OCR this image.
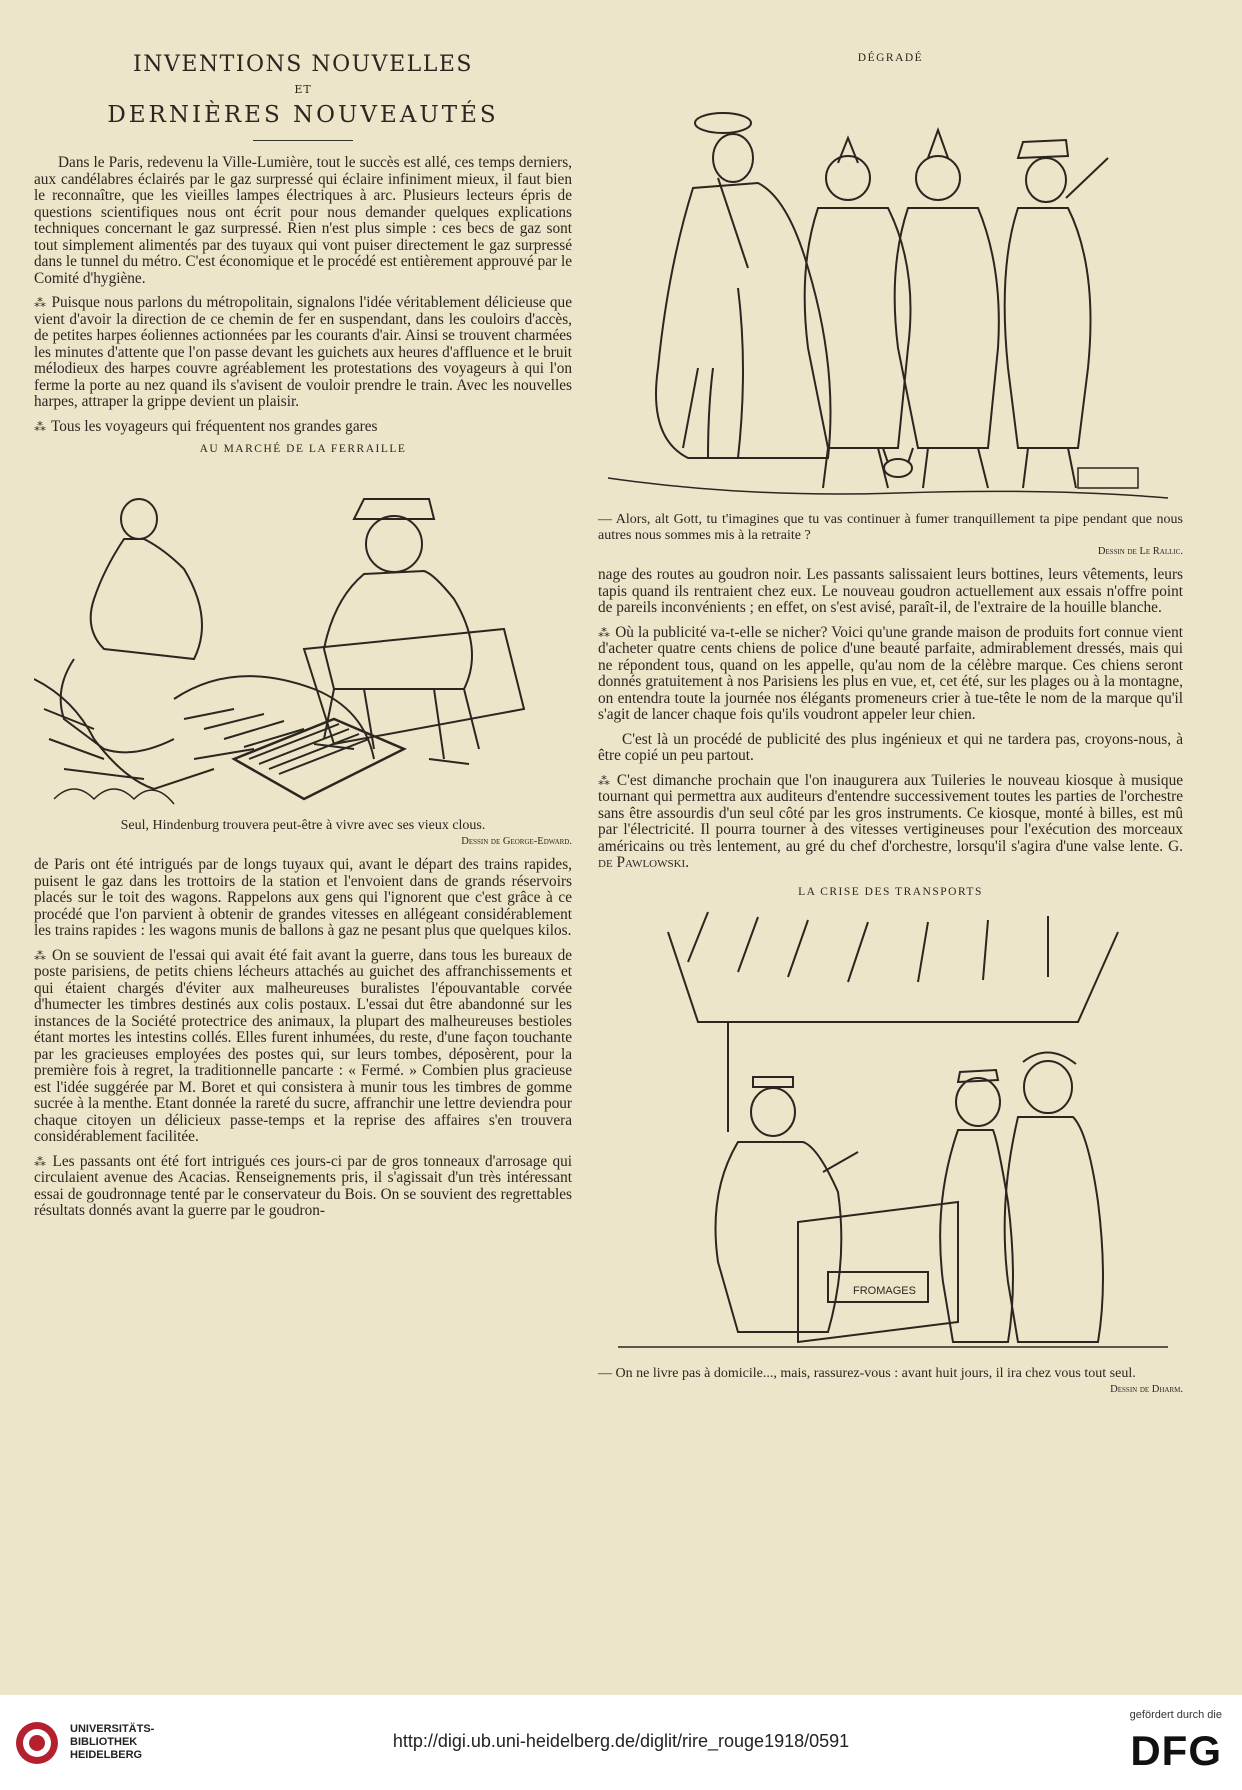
INVENTIONS NOUVELLES
ET
DERNIÈRES NOUVEAUTÉS

Dans le Paris, redevenu la Ville-Lumière, tout le succès est allé, ces temps derniers, aux candélabres éclairés par le gaz surpressé qui éclaire infiniment mieux, il faut bien le reconnaître, que les vieilles lampes électriques à arc. Plusieurs lecteurs épris de questions scientifiques nous ont écrit pour nous demander quelques explications techniques concernant le gaz surpressé. Rien n'est plus simple : ces becs de gaz sont tout simplement alimentés par des tuyaux qui vont puiser directement le gaz surpressé dans le tunnel du métro. C'est économique et le procédé est entièrement approuvé par le Comité d'hygiène.

⁂ Puisque nous parlons du métropolitain, signalons l'idée véritablement délicieuse que vient d'avoir la direction de ce chemin de fer en suspendant, dans les couloirs d'accès, de petites harpes éoliennes actionnées par les courants d'air. Ainsi se trouvent charmées les minutes d'attente que l'on passe devant les guichets aux heures d'affluence et le bruit mélodieux des harpes couvre agréablement les protestations des voyageurs à qui l'on ferme la porte au nez quand ils s'avisent de vouloir prendre le train. Avec les nouvelles harpes, attraper la grippe devient un plaisir.

⁂ Tous les voyageurs qui fréquentent nos grandes gares

AU MARCHÉ DE LA FERRAILLE
Seul, Hindenburg trouvera peut-être à vivre avec ses vieux clous.
Dessin de George-Edward.

de Paris ont été intrigués par de longs tuyaux qui, avant le départ des trains rapides, puisent le gaz dans les trottoirs de la station et l'envoient dans de grands réservoirs placés sur le toit des wagons. Rappelons aux gens qui l'ignorent que c'est grâce à ce procédé que l'on parvient à obtenir de grandes vitesses en allégeant considérablement les trains rapides : les wagons munis de ballons à gaz ne pesant plus que quelques kilos.

⁂ On se souvient de l'essai qui avait été fait avant la guerre, dans tous les bureaux de poste parisiens, de petits chiens lécheurs attachés au guichet des affranchissements et qui étaient chargés d'éviter aux malheureuses buralistes l'épouvantable corvée d'humecter les timbres destinés aux colis postaux. L'essai dut être abandonné sur les instances de la Société protectrice des animaux, la plupart des malheureuses bestioles étant mortes les intestins collés. Elles furent inhumées, du reste, d'une façon touchante par les gracieuses employées des postes qui, sur leurs tombes, déposèrent, pour la première fois à regret, la traditionnelle pancarte : « Fermé. » Combien plus gracieuse est l'idée suggérée par M. Boret et qui consistera à munir tous les timbres de gomme sucrée à la menthe. Etant donnée la rareté du sucre, affranchir une lettre deviendra pour chaque citoyen un délicieux passe-temps et la reprise des affaires s'en trouvera considérablement facilitée.

⁂ Les passants ont été fort intrigués ces jours-ci par de gros tonneaux d'arrosage qui circulaient avenue des Acacias. Renseignements pris, il s'agissait d'un très intéressant essai de goudronnage tenté par le conservateur du Bois. On se souvient des regrettables résultats donnés avant la guerre par le goudron-

DÉGRADÉ
— Alors, alt Gott, tu t'imagines que tu vas continuer à fumer tranquillement ta pipe pendant que nous autres nous sommes mis à la retraite ?
Dessin de Le Rallic.

nage des routes au goudron noir. Les passants salissaient leurs bottines, leurs vêtements, leurs tapis quand ils rentraient chez eux. Le nouveau goudron actuellement aux essais n'offre point de pareils inconvénients ; en effet, on s'est avisé, paraît-il, de l'extraire de la houille blanche.

⁂ Où la publicité va-t-elle se nicher? Voici qu'une grande maison de produits fort connue vient d'acheter quatre cents chiens de police d'une beauté parfaite, admirablement dressés, mais qui ne répondent tous, quand on les appelle, qu'au nom de la célèbre marque. Ces chiens seront donnés gratuitement à nos Parisiens les plus en vue, et, cet été, sur les plages ou à la montagne, on entendra toute la journée nos élégants promeneurs crier à tue-tête le nom de la marque qu'il s'agit de lancer chaque fois qu'ils voudront appeler leur chien.

C'est là un procédé de publicité des plus ingénieux et qui ne tardera pas, croyons-nous, à être copié un peu partout.

⁂ C'est dimanche prochain que l'on inaugurera aux Tuileries le nouveau kiosque à musique tournant qui permettra aux auditeurs d'entendre successivement toutes les parties de l'orchestre sans être assourdis d'un seul côté par les gros instruments. Ce kiosque, monté à billes, est mû par l'électricité. Il pourra tourner à des vitesses vertigineuses pour l'exécution des morceaux américains ou très lentement, au gré du chef d'orchestre, lorsqu'il s'agira d'une valse lente. G. de Pawlowski.

LA CRISE DES TRANSPORTS
FROMAGES
— On ne livre pas à domicile..., mais, rassurez-vous : avant huit jours, il ira chez vous tout seul.
Dessin de Dharm.
UNIVERSITÄTS-
BIBLIOTHEK
HEIDELBERG
http://digi.ub.uni-heidelberg.de/diglit/rire_rouge1918/0591
gefördert durch die
DFG
